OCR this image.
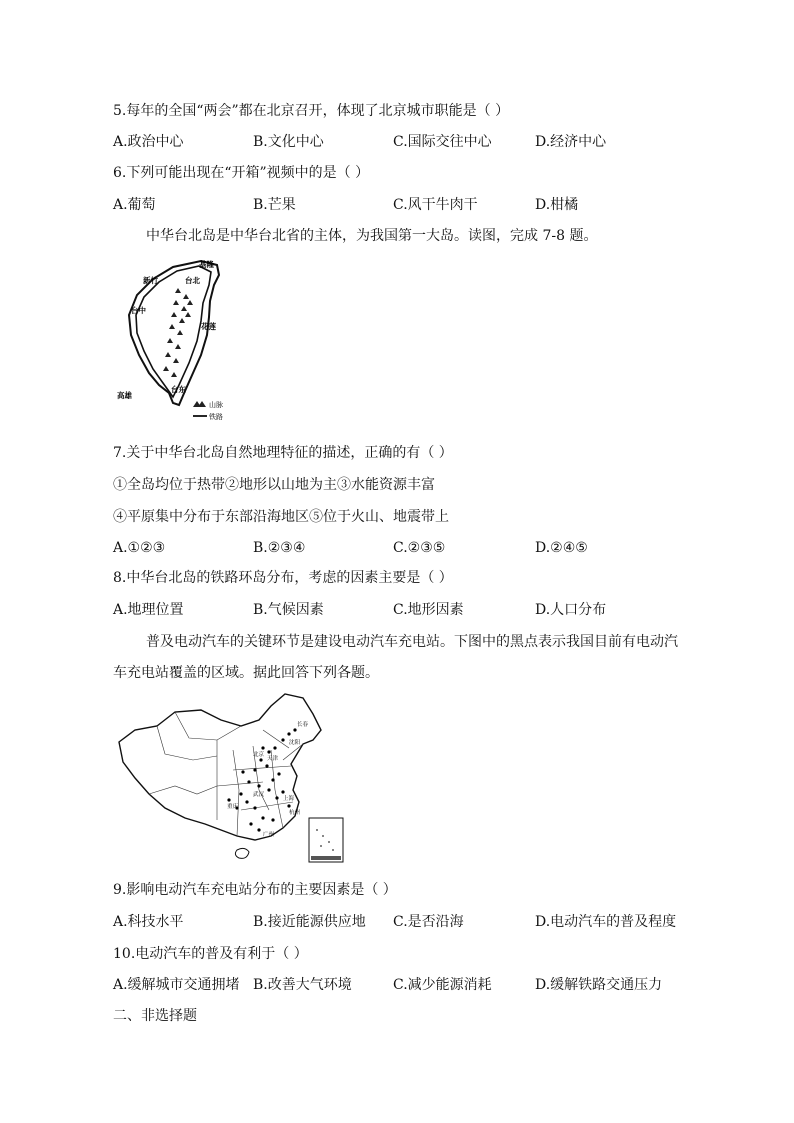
5.每年的全国“两会”都在北京召开，体现了北京城市职能是（ ）
A.政治中心	B.文化中心	C.国际交往中心	D.经济中心
6.下列可能出现在“开箱”视频中的是（ ）
A.葡萄	B.芒果	C.风干牛肉干	D.柑橘
中华台北岛是中华台北省的主体，为我国第一大岛。读图，完成 7-8 题。
基隆
台北
新竹
台中
花莲
高雄
台东
山脉
铁路
7.关于中华台北岛自然地理特征的描述，正确的有（ ）
①全岛均位于热带②地形以山地为主③水能资源丰富
④平原集中分布于东部沿海地区⑤位于火山、地震带上
A.①②③	B.②③④	C.②③⑤	D.②④⑤
8.中华台北岛的铁路环岛分布，考虑的因素主要是（ ）
A.地理位置	B.气候因素	C.地形因素	D.人口分布
普及电动汽车的关键环节是建设电动汽车充电站。下图中的黑点表示我国目前有电动汽
车充电站覆盖的区域。据此回答下列各题。
北京
天津
上海
杭州
武汉
长春
沈阳
广州
重庆
9.影响电动汽车充电站分布的主要因素是（ ）
A.科技水平	B.接近能源供应地 C.是否沿海	D.电动汽车的普及程度
10.电动汽车的普及有利于（ ）
A.缓解城市交通拥堵 B.改善大气环境	C.减少能源消耗	D.缓解铁路交通压力
二、非选择题
